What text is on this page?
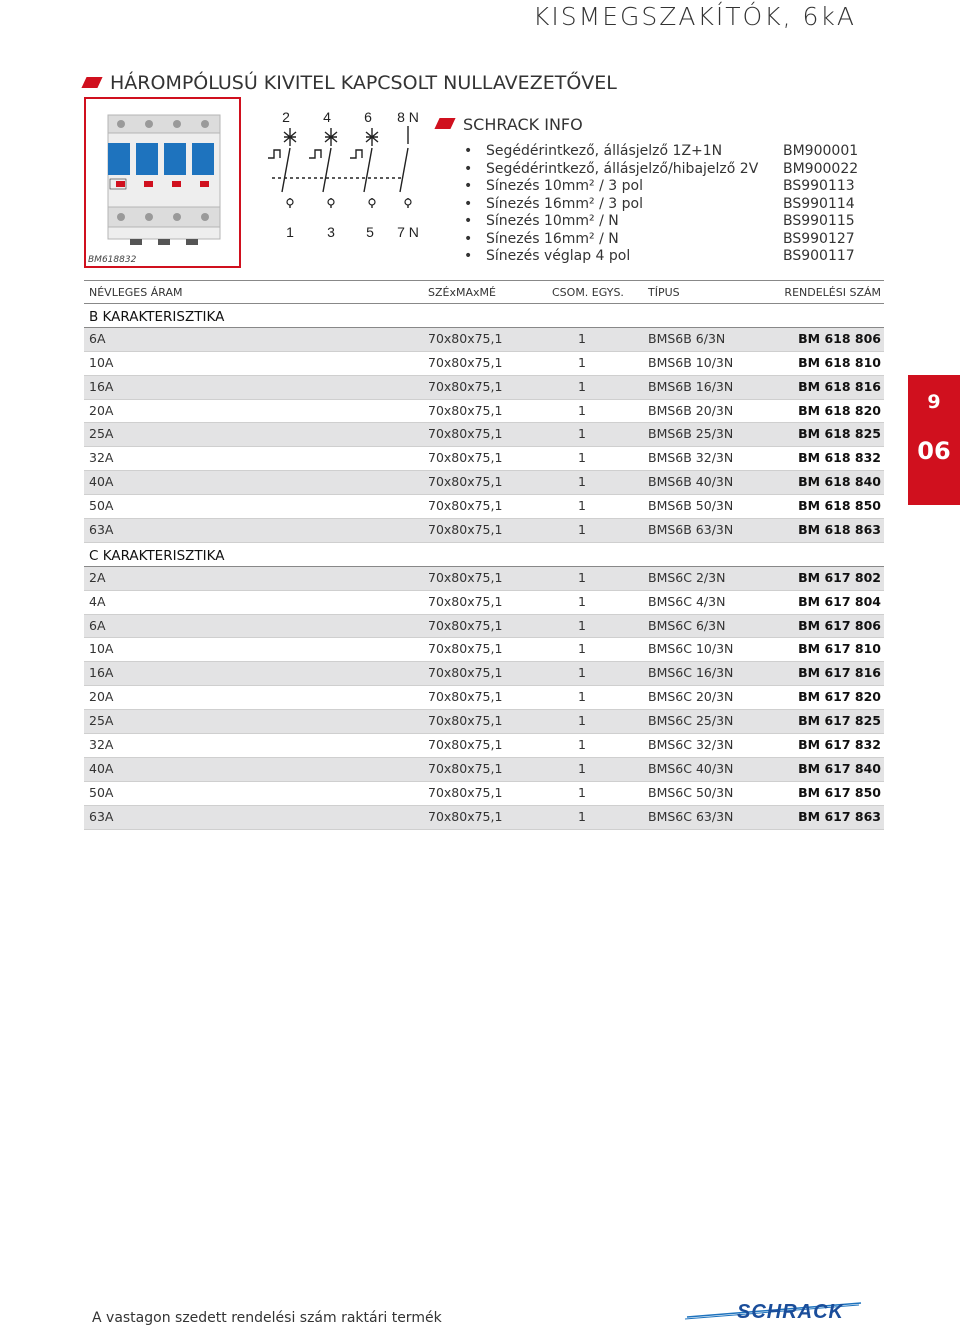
KISMEGSZAKÍTÓK, 6kA
HÁROMPÓLUSÚ KIVITEL KAPCSOLT NULLAVEZETŐVEL
BM618832
2 4 6 8 N
1 3 5 7 N
SCHRACK INFO
• Segédérintkező, állásjelző 1Z+1N	BM900001
• Segédérintkező, állásjelző/hibajelző 2V	BM900022
• Sínezés 10mm² / 3 pol	BS990113
• Sínezés 16mm² / 3 pol	BS990114
• Sínezés 10mm² / N	BS990115
• Sínezés 16mm² / N	BS990127
• Sínezés véglap 4 pol	BS900117
NÉVLEGES ÁRAM	SZÉxMAxMÉ	CSOM. EGYS.	TÍPUS	RENDELÉSI SZÁM
B KARAKTERISZTIKA
6A	70x80x75,1	1	BMS6B 6/3N	BM 618 806
10A	70x80x75,1	1	BMS6B 10/3N	BM 618 810
16A	70x80x75,1	1	BMS6B 16/3N	BM 618 816
20A	70x80x75,1	1	BMS6B 20/3N	BM 618 820
25A	70x80x75,1	1	BMS6B 25/3N	BM 618 825
32A	70x80x75,1	1	BMS6B 32/3N	BM 618 832
40A	70x80x75,1	1	BMS6B 40/3N	BM 618 840
50A	70x80x75,1	1	BMS6B 50/3N	BM 618 850
63A	70x80x75,1	1	BMS6B 63/3N	BM 618 863
C KARAKTERISZTIKA
2A	70x80x75,1	1	BMS6C 2/3N	BM 617 802
4A	70x80x75,1	1	BMS6C 4/3N	BM 617 804
6A	70x80x75,1	1	BMS6C 6/3N	BM 617 806
10A	70x80x75,1	1	BMS6C 10/3N	BM 617 810
16A	70x80x75,1	1	BMS6C 16/3N	BM 617 816
20A	70x80x75,1	1	BMS6C 20/3N	BM 617 820
25A	70x80x75,1	1	BMS6C 25/3N	BM 617 825
32A	70x80x75,1	1	BMS6C 32/3N	BM 617 832
40A	70x80x75,1	1	BMS6C 40/3N	BM 617 840
50A	70x80x75,1	1	BMS6C 50/3N	BM 617 850
63A	70x80x75,1	1	BMS6C 63/3N	BM 617 863
9
06
A vastagon szedett rendelési szám raktári termék	SCHRACK
